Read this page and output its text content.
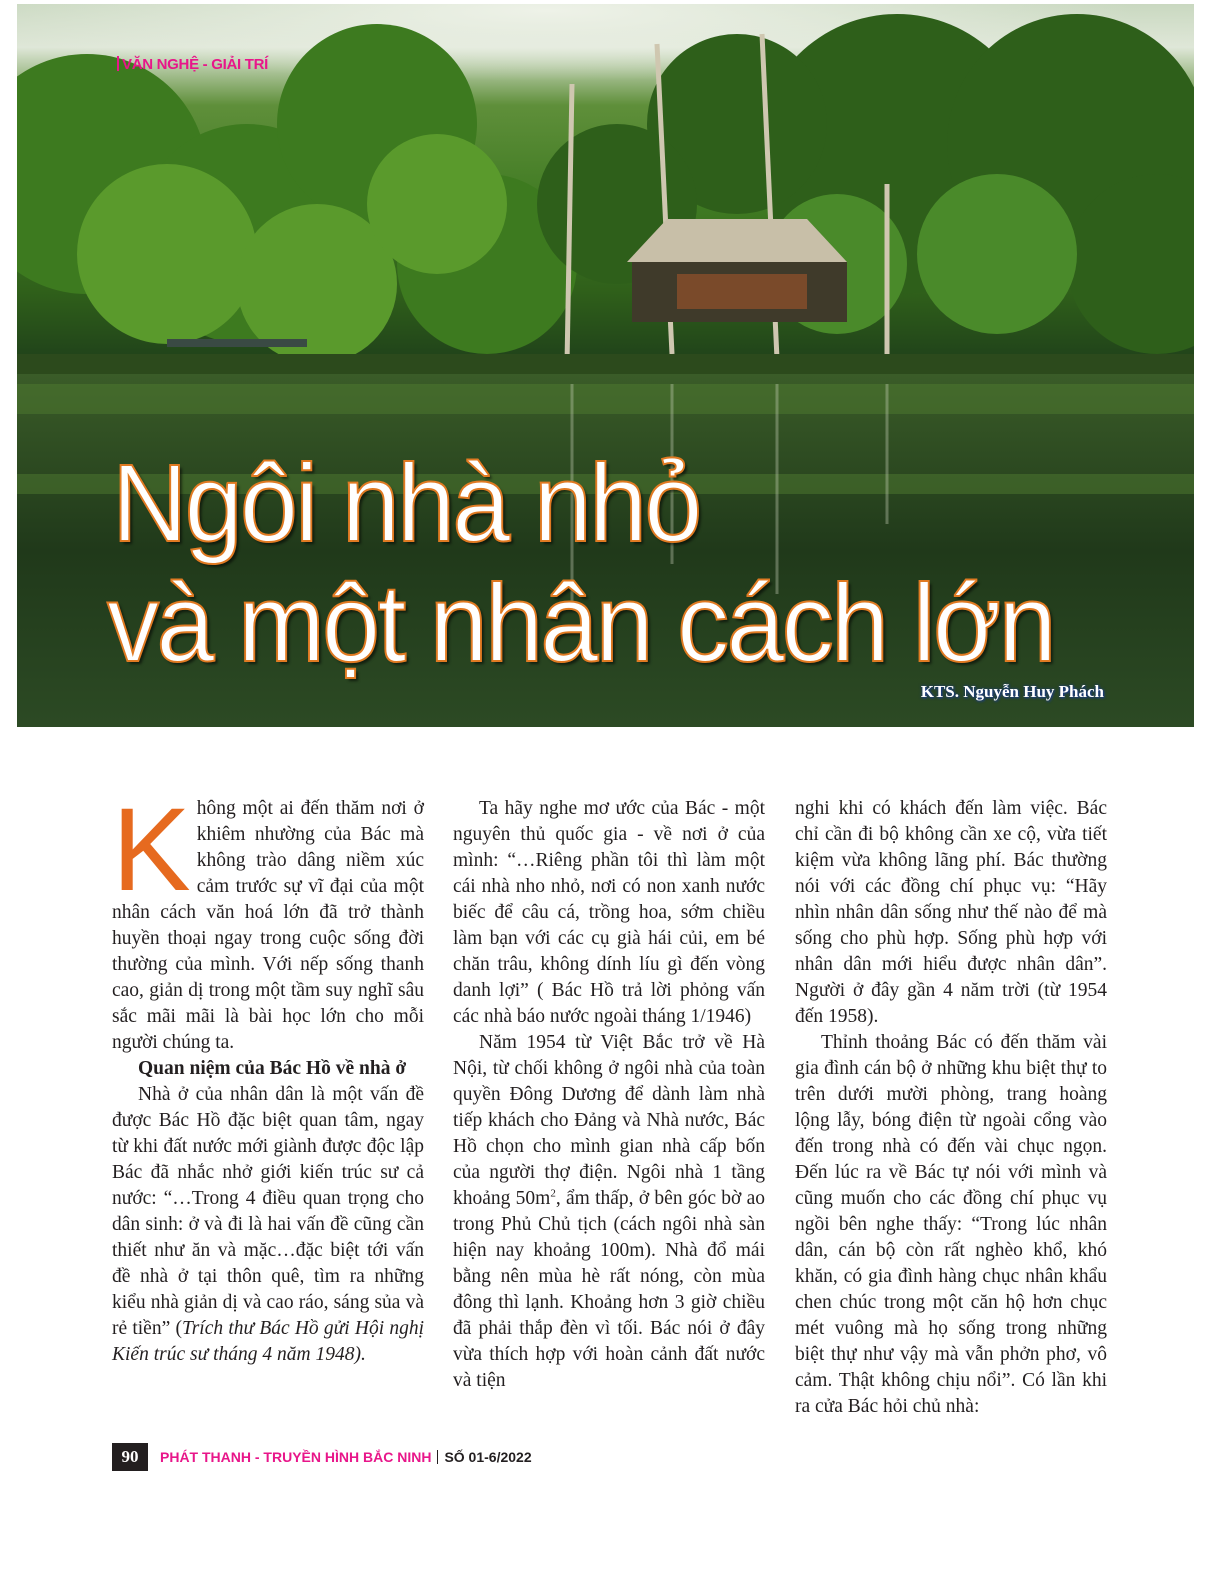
VĂN NGHỆ - GIẢI TRÍ
Ngôi nhà nhỏ
và một nhân cách lớn
KTS. Nguyễn Huy Phách

Không một ai đến thăm nơi ở khiêm nhường của Bác mà không trào dâng niềm xúc cảm trước sự vĩ đại của một nhân cách văn hoá lớn đã trở thành huyền thoại ngay trong cuộc sống đời thường của mình. Với nếp sống thanh cao, giản dị trong một tầm suy nghĩ sâu sắc mãi mãi là bài học lớn cho mỗi người chúng ta.

Quan niệm của Bác Hồ về nhà ở

Nhà ở của nhân dân là một vấn đề được Bác Hồ đặc biệt quan tâm, ngay từ khi đất nước mới giành được độc lập Bác đã nhắc nhở giới kiến trúc sư cả nước: “…Trong 4 điều quan trọng cho dân sinh: ở và đi là hai vấn đề cũng cần thiết như ăn và mặc…đặc biệt tới vấn đề nhà ở tại thôn quê, tìm ra những kiểu nhà giản dị và cao ráo, sáng sủa và rẻ tiền” (Trích thư Bác Hồ gửi Hội nghị Kiến trúc sư tháng 4 năm 1948).

Ta hãy nghe mơ ước của Bác - một nguyên thủ quốc gia - về nơi ở của mình: “…Riêng phần tôi thì làm một cái nhà nho nhỏ, nơi có non xanh nước biếc để câu cá, trồng hoa, sớm chiều làm bạn với các cụ già hái củi, em bé chăn trâu, không dính líu gì đến vòng danh lợi” ( Bác Hồ trả lời phỏng vấn các nhà báo nước ngoài tháng 1/1946)

Năm 1954 từ Việt Bắc trở về Hà Nội, từ chối không ở ngôi nhà của toàn quyền Đông Dương để dành làm nhà tiếp khách cho Đảng và Nhà nước, Bác Hồ chọn cho mình gian nhà cấp bốn của người thợ điện. Ngôi nhà 1 tầng khoảng $50m^2$, ẩm thấp, ở bên góc bờ ao trong Phủ Chủ tịch (cách ngôi nhà sàn hiện nay khoảng 100m). Nhà đổ mái bằng nên mùa hè rất nóng, còn mùa đông thì lạnh. Khoảng hơn 3 giờ chiều đã phải thắp đèn vì tối. Bác nói ở đây vừa thích hợp với hoàn cảnh đất nước và tiện

nghi khi có khách đến làm việc. Bác chỉ cần đi bộ không cần xe cộ, vừa tiết kiệm vừa không lãng phí. Bác thường nói với các đồng chí phục vụ: “Hãy nhìn nhân dân sống như thế nào để mà sống cho phù hợp. Sống phù hợp với nhân dân mới hiểu được nhân dân”. Người ở đây gần 4 năm trời (từ 1954 đến 1958).

Thỉnh thoảng Bác có đến thăm vài gia đình cán bộ ở những khu biệt thự to trên dưới mười phòng, trang hoàng lộng lẫy, bóng điện từ ngoài cổng vào đến trong nhà có đến vài chục ngọn. Đến lúc ra về Bác tự nói với mình và cũng muốn cho các đồng chí phục vụ ngồi bên nghe thấy: “Trong lúc nhân dân, cán bộ còn rất nghèo khổ, khó khăn, có gia đình hàng chục nhân khẩu chen chúc trong một căn hộ hơn chục mét vuông mà họ sống trong những biệt thự như vậy mà vẫn phởn phơ, vô cảm. Thật không chịu nổi”. Có lần khi ra cửa Bác hỏi chủ nhà:

90	PHÁT THANH - TRUYỀN HÌNH BẮC NINH SỐ 01-6/2022
